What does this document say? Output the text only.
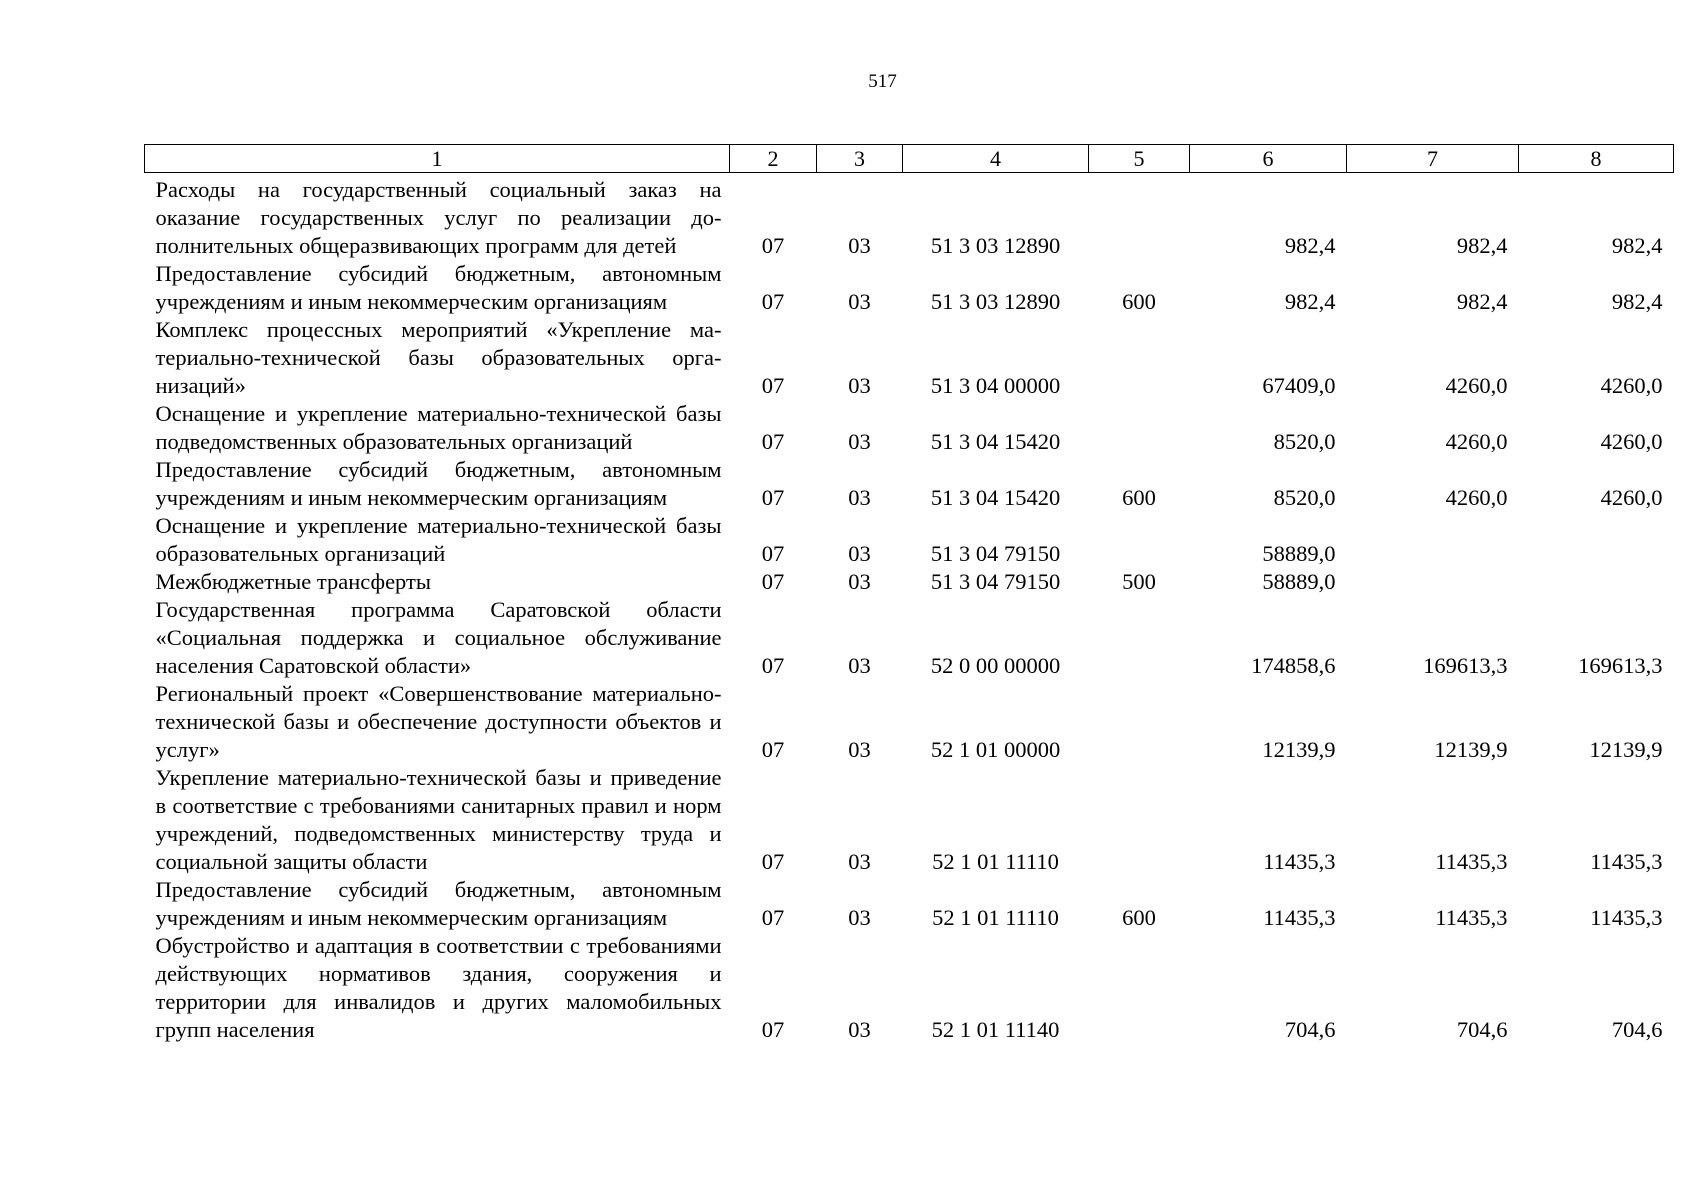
517
1	2	3	4	5	6	7	8
Расходы на государственный социальный заказ на оказание государственных услуг по реализации дополнительных общеразвивающих программ для детей	07	03	51 3 03 12890		982,4	982,4	982,4
Предоставление субсидий бюджетным, автономным учреждениям и иным некоммерческим организациям	07	03	51 3 03 12890	600	982,4	982,4	982,4
Комплекс процессных мероприятий «Укрепление материально-технической базы образовательных организаций»	07	03	51 3 04 00000		67409,0	4260,0	4260,0
Оснащение и укрепление материально-технической базы подведомственных образовательных организаций	07	03	51 3 04 15420		8520,0	4260,0	4260,0
Предоставление субсидий бюджетным, автономным учреждениям и иным некоммерческим организациям	07	03	51 3 04 15420	600	8520,0	4260,0	4260,0
Оснащение и укрепление материально-технической базы образовательных организаций	07	03	51 3 04 79150		58889,0		
Межбюджетные трансферты	07	03	51 3 04 79150	500	58889,0		
Государственная программа Саратовской области «Социальная поддержка и социальное обслуживание населения Саратовской области»	07	03	52 0 00 00000		174858,6	169613,3	169613,3
Региональный проект «Совершенствование материально-технической базы и обеспечение доступности объектов и услуг»	07	03	52 1 01 00000		12139,9	12139,9	12139,9
Укрепление материально-технической базы и приведение в соответствие с требованиями санитарных правил и норм учреждений, подведомственных министерству труда и социальной защиты области	07	03	52 1 01 11110		11435,3	11435,3	11435,3
Предоставление субсидий бюджетным, автономным учреждениям и иным некоммерческим организациям	07	03	52 1 01 11110	600	11435,3	11435,3	11435,3
Обустройство и адаптация в соответствии с требованиями действующих нормативов здания, сооружения и территории для инвалидов и других маломобильных групп населения	07	03	52 1 01 11140		704,6	704,6	704,6
